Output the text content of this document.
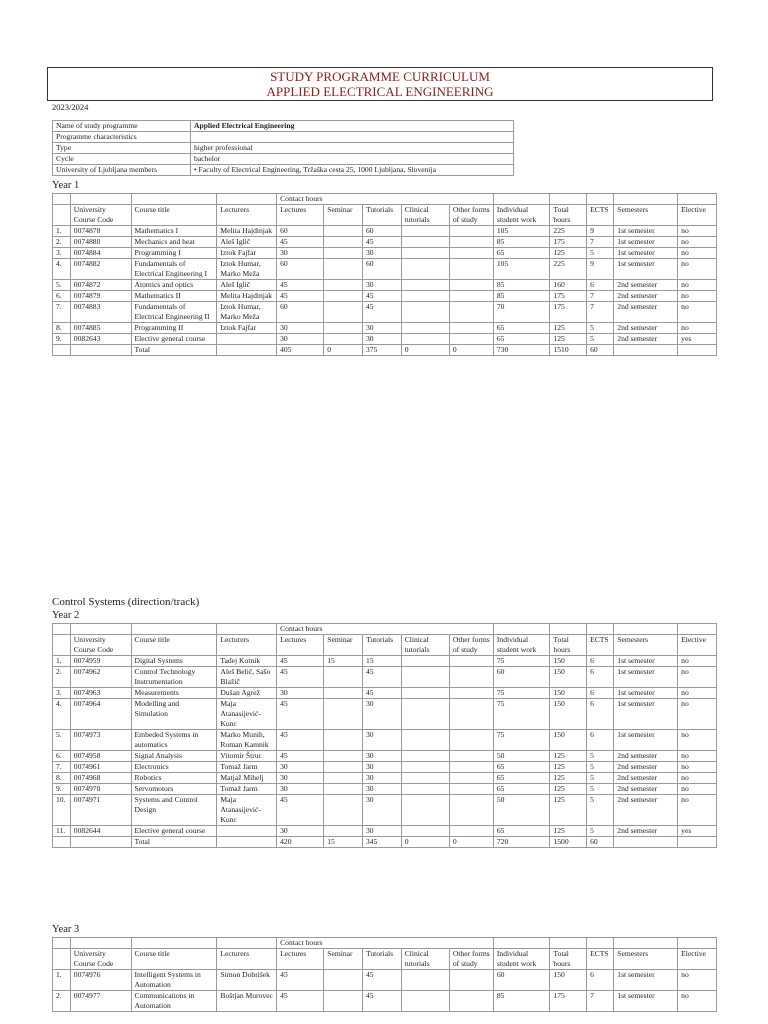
STUDY PROGRAMME CURRICULUM
APPLIED ELECTRICAL ENGINEERING
2023/2024
Name of study programme	Applied Electrical Engineering
Programme characteristics	
Type	higher professional
Cycle	bachelor
University of Ljubljana members	• Faculty of Electrical Engineering, Tržaška cesta 25, 1000 Ljubljana, Slovenija
Year 1
				Contact hours									
	University Course Code	Course title	Lecturers	Lectures	Seminar	Tutorials	Clinical tutorials	Other forms of study	Individual student work	Total hours	ECTS	Semesters	Elective
1.	0074878	Mathematics I	Melita Hajdinjak	60		60			105	225	9	1st semester	no
2.	0074880	Mechanics and heat	Aleš Iglič	45		45			85	175	7	1st semester	no
3.	0074884	Programming I	Iztok Fajfar	30		30			65	125	5	1st semester	no
4.	0074882	Fundamentals of Electrical Engineering I	Iztok Humar, Marko Meža	60		60			105	225	9	1st semester	no
5.	0074872	Atomics and optics	Aleš Iglič	45		30			85	160	6	2nd semester	no
6.	0074879	Mathematics II	Melita Hajdinjak	45		45			85	175	7	2nd semester	no
7.	0074883	Fundamentals of Electrical Engineering II	Iztok Humar, Marko Meža	60		45			70	175	7	2nd semester	no
8.	0074885	Programming II	Iztok Fajfar	30		30			65	125	5	2nd semester	no
9.	0082643	Elective general course		30		30			65	125	5	2nd semester	yes
		Total		405	0	375	0	0	730	1510	60		
Control Systems (direction/track)
Year 2
				Contact hours									
	University Course Code	Course title	Lecturers	Lectures	Seminar	Tutorials	Clinical tutorials	Other forms of study	Individual student work	Total hours	ECTS	Semesters	Elective
1.	0074959	Digital Systems	Tadej Kotnik	45	15	15			75	150	6	1st semester	no
2.	0074962	Control Technology Instrumentation	Aleš Belič, Sašo Blažič	45		45			60	150	6	1st semester	no
3.	0074963	Measurements	Dušan Agrež	30		45			75	150	6	1st semester	no
4.	0074964	Modelling and Simulation	Maja Atanasijević-Kunc	45		30			75	150	6	1st semester	no
5.	0074973	Embeded Systems in automatics	Marko Munih, Roman Kamnik	45		30			75	150	6	1st semester	no
6.	0074958	Signal Analysis	Vitomir Štruc	45		30			50	125	5	2nd semester	no
7.	0074961	Electronics	Tomaž Jarm	30		30			65	125	5	2nd semester	no
8.	0074968	Robotics	Matjaž Mihelj	30		30			65	125	5	2nd semester	no
9.	0074970	Servomotors	Tomaž Jarm	30		30			65	125	5	2nd semester	no
10.	0074971	Systems and Control Design	Maja Atanasijević-Kunc	45		30			50	125	5	2nd semester	no
11.	0082644	Elective general course		30		30			65	125	5	2nd semester	yes
		Total		420	15	345	0	0	720	1500	60		
Year 3
				Contact hours									
	University Course Code	Course title	Lecturers	Lectures	Seminar	Tutorials	Clinical tutorials	Other forms of study	Individual student work	Total hours	ECTS	Semesters	Elective
1.	0074976	Intelligent Systems in Automation	Simon Dobrišek	45		45			60	150	6	1st semester	no
2.	0074977	Communications in Automation	Boštjan Murovec	45		45			85	175	7	1st semester	no
